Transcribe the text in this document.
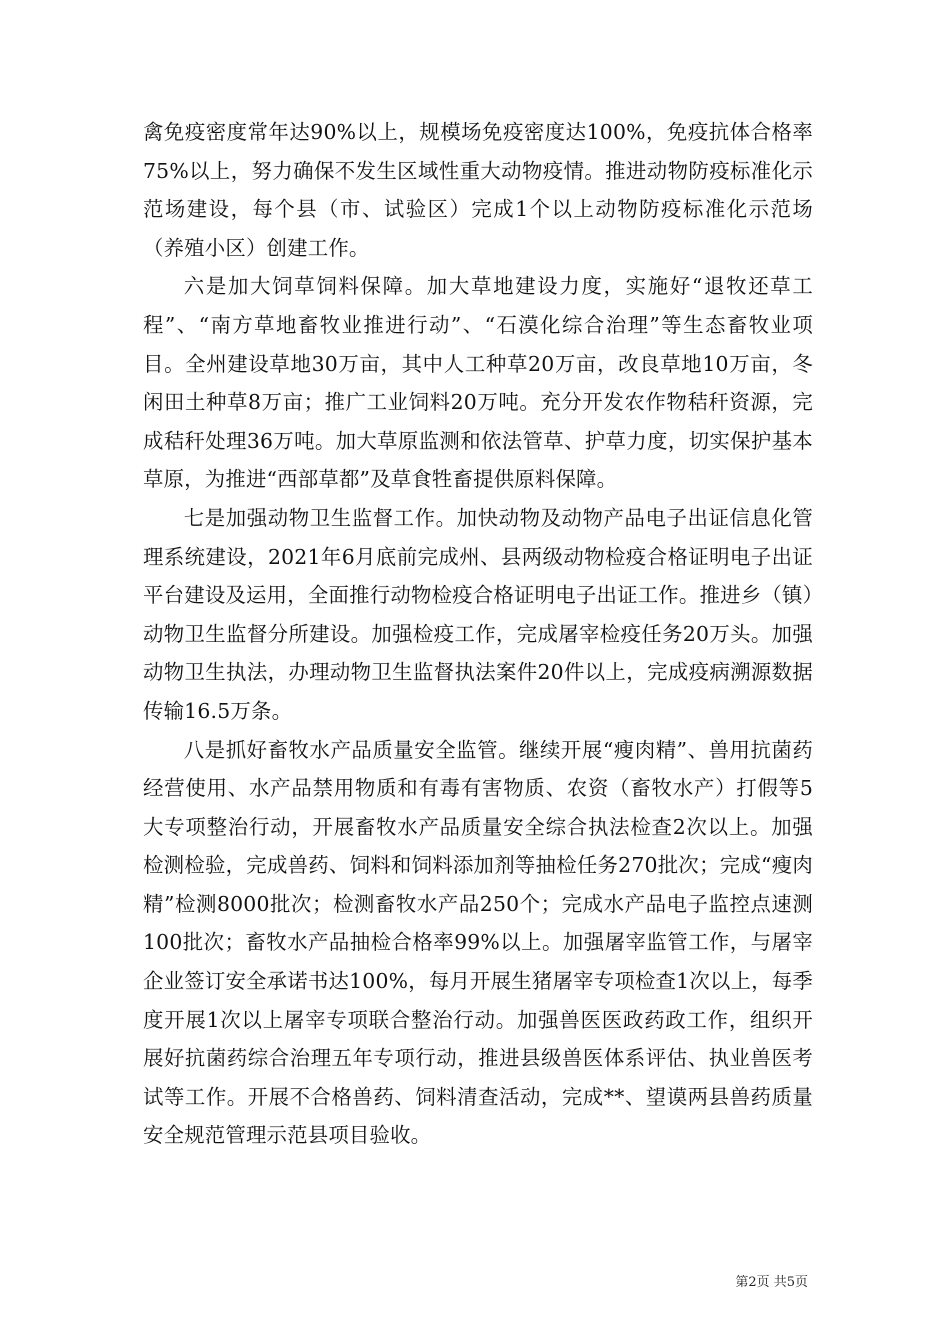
禽免疫密度常年达90%以上，规模场免疫密度达100%，免疫抗体合格率75%以上，努力确保不发生区域性重大动物疫情。推进动物防疫标准化示范场建设，每个县（市、试验区）完成1个以上动物防疫标准化示范场（养殖小区）创建工作。

六是加大饲草饲料保障。加大草地建设力度，实施好“退牧还草工程”、“南方草地畜牧业推进行动”、“石漠化综合治理”等生态畜牧业项目。全州建设草地30万亩，其中人工种草20万亩，改良草地10万亩，冬闲田土种草8万亩；推广工业饲料20万吨。充分开发农作物秸秆资源，完成秸秆处理36万吨。加大草原监测和依法管草、护草力度，切实保护基本草原，为推进“西部草都”及草食牲畜提供原料保障。

七是加强动物卫生监督工作。加快动物及动物产品电子出证信息化管理系统建设，2021年6月底前完成州、县两级动物检疫合格证明电子出证平台建设及运用，全面推行动物检疫合格证明电子出证工作。推进乡（镇）动物卫生监督分所建设。加强检疫工作，完成屠宰检疫任务20万头。加强动物卫生执法，办理动物卫生监督执法案件20件以上，完成疫病溯源数据传输16.5万条。

八是抓好畜牧水产品质量安全监管。继续开展“瘦肉精”、兽用抗菌药经营使用、水产品禁用物质和有毒有害物质、农资（畜牧水产）打假等5大专项整治行动，开展畜牧水产品质量安全综合执法检查2次以上。加强检测检验，完成兽药、饲料和饲料添加剂等抽检任务270批次；完成“瘦肉精”检测8000批次；检测畜牧水产品250个；完成水产品电子监控点速测100批次；畜牧水产品抽检合格率99%以上。加强屠宰监管工作，与屠宰企业签订安全承诺书达100%，每月开展生猪屠宰专项检查1次以上，每季度开展1次以上屠宰专项联合整治行动。加强兽医医政药政工作，组织开展好抗菌药综合治理五年专项行动，推进县级兽医体系评估、执业兽医考试等工作。开展不合格兽药、饲料清查活动，完成**、望谟两县兽药质量安全规范管理示范县项目验收。

第2页 共5页
